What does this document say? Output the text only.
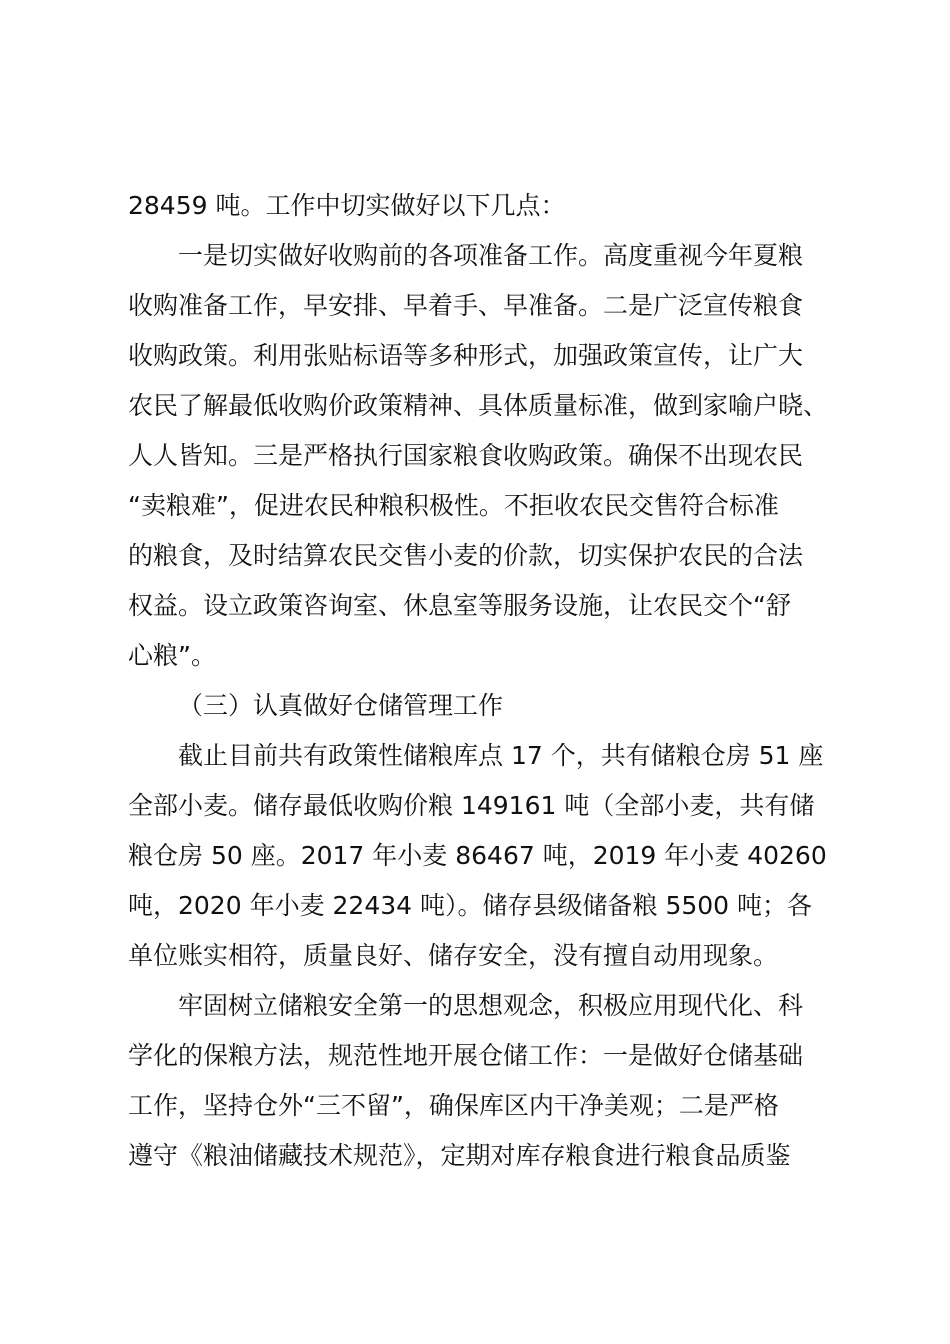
28459 吨。工作中切实做好以下几点：
一是切实做好收购前的各项准备工作。高度重视今年夏粮
收购准备工作，早安排、早着手、早准备。二是广泛宣传粮食
收购政策。利用张贴标语等多种形式，加强政策宣传，让广大
农民了解最低收购价政策精神、具体质量标准，做到家喻户晓、
人人皆知。三是严格执行国家粮食收购政策。确保不出现农民
“卖粮难”，促进农民种粮积极性。不拒收农民交售符合标准
的粮食，及时结算农民交售小麦的价款，切实保护农民的合法
权益。设立政策咨询室、休息室等服务设施，让农民交个“舒
心粮”。
（三）认真做好仓储管理工作
截止目前共有政策性储粮库点 17 个，共有储粮仓房 51 座
全部小麦。储存最低收购价粮 149161 吨（全部小麦，共有储
粮仓房 50 座。2017 年小麦 86467 吨，2019 年小麦 40260
吨，2020 年小麦 22434 吨）。储存县级储备粮 5500 吨；各
单位账实相符，质量良好、储存安全，没有擅自动用现象。
牢固树立储粮安全第一的思想观念，积极应用现代化、科
学化的保粮方法，规范性地开展仓储工作：一是做好仓储基础
工作，坚持仓外“三不留”，确保库区内干净美观；二是严格
遵守《粮油储藏技术规范》，定期对库存粮食进行粮食品质鉴
